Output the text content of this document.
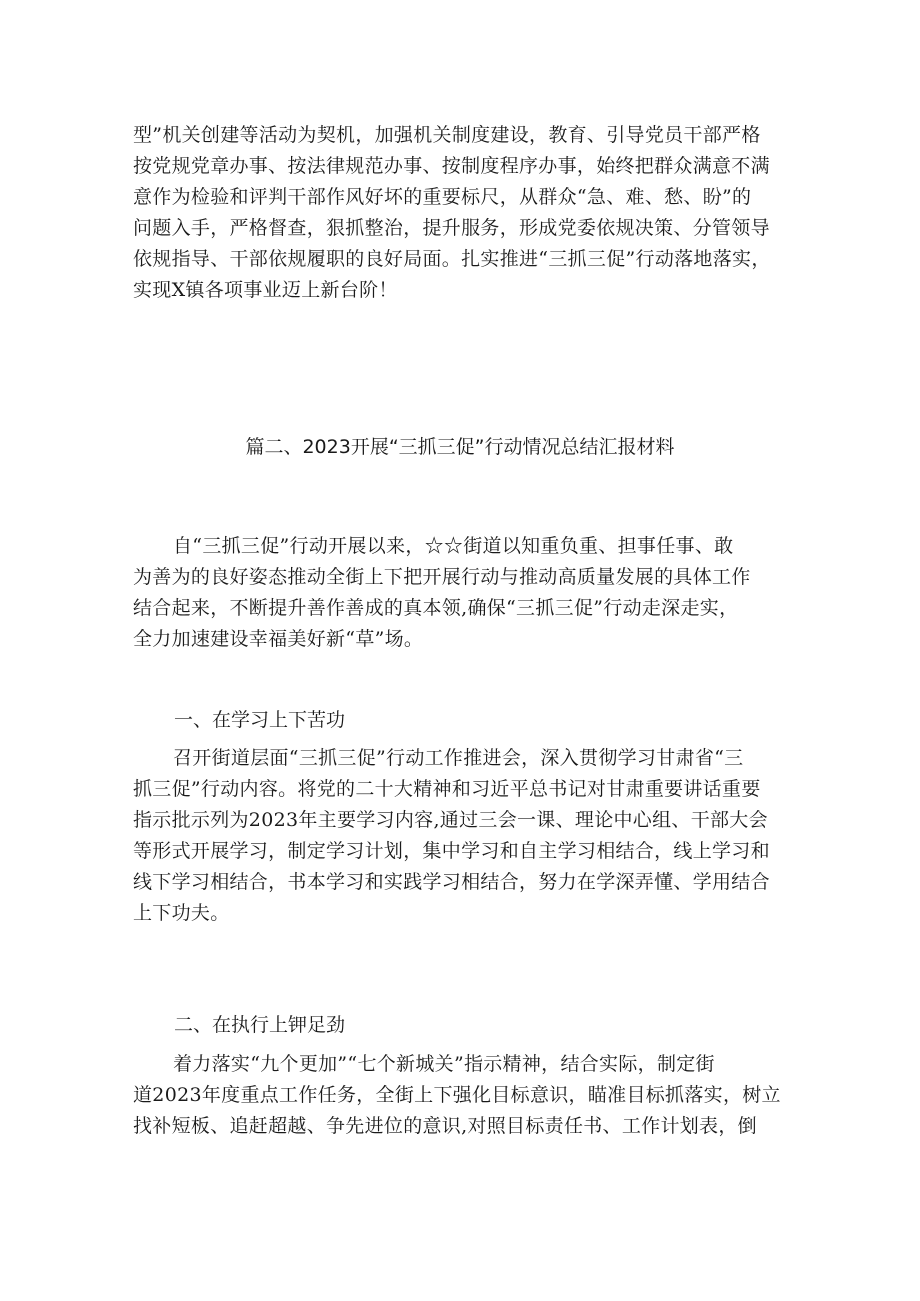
型”机关创建等活动为契机，加强机关制度建设，教育、引导党员干部严格
按党规党章办事、按法律规范办事、按制度程序办事，始终把群众满意不满
意作为检验和评判干部作风好坏的重要标尺，从群众“急、难、愁、盼”的
问题入手，严格督查，狠抓整治，提升服务，形成党委依规决策、分管领导
依规指导、干部依规履职的良好局面。扎实推进“三抓三促”行动落地落实，
实现X镇各项事业迈上新台阶！
篇二、2023开展“三抓三促”行动情况总结汇报材料
自“三抓三促”行动开展以来，☆☆街道以知重负重、担事任事、敢
为善为的良好姿态推动全街上下把开展行动与推动高质量发展的具体工作
结合起来，不断提升善作善成的真本领,确保“三抓三促”行动走深走实，
全力加速建设幸福美好新“草”场。
一、在学习上下苦功
召开街道层面“三抓三促”行动工作推进会，深入贯彻学习甘肃省“三
抓三促”行动内容。将党的二十大精神和习近平总书记对甘肃重要讲话重要
指示批示列为2023年主要学习内容,通过三会一课、理论中心组、干部大会
等形式开展学习，制定学习计划，集中学习和自主学习相结合，线上学习和
线下学习相结合，书本学习和实践学习相结合，努力在学深弄懂、学用结合
上下功夫。
二、在执行上钾足劲
着力落实“九个更加”“七个新城关”指示精神，结合实际，制定街
道2023年度重点工作任务，全街上下强化目标意识，瞄准目标抓落实，树立
找补短板、追赶超越、争先进位的意识,对照目标责任书、工作计划表，倒
